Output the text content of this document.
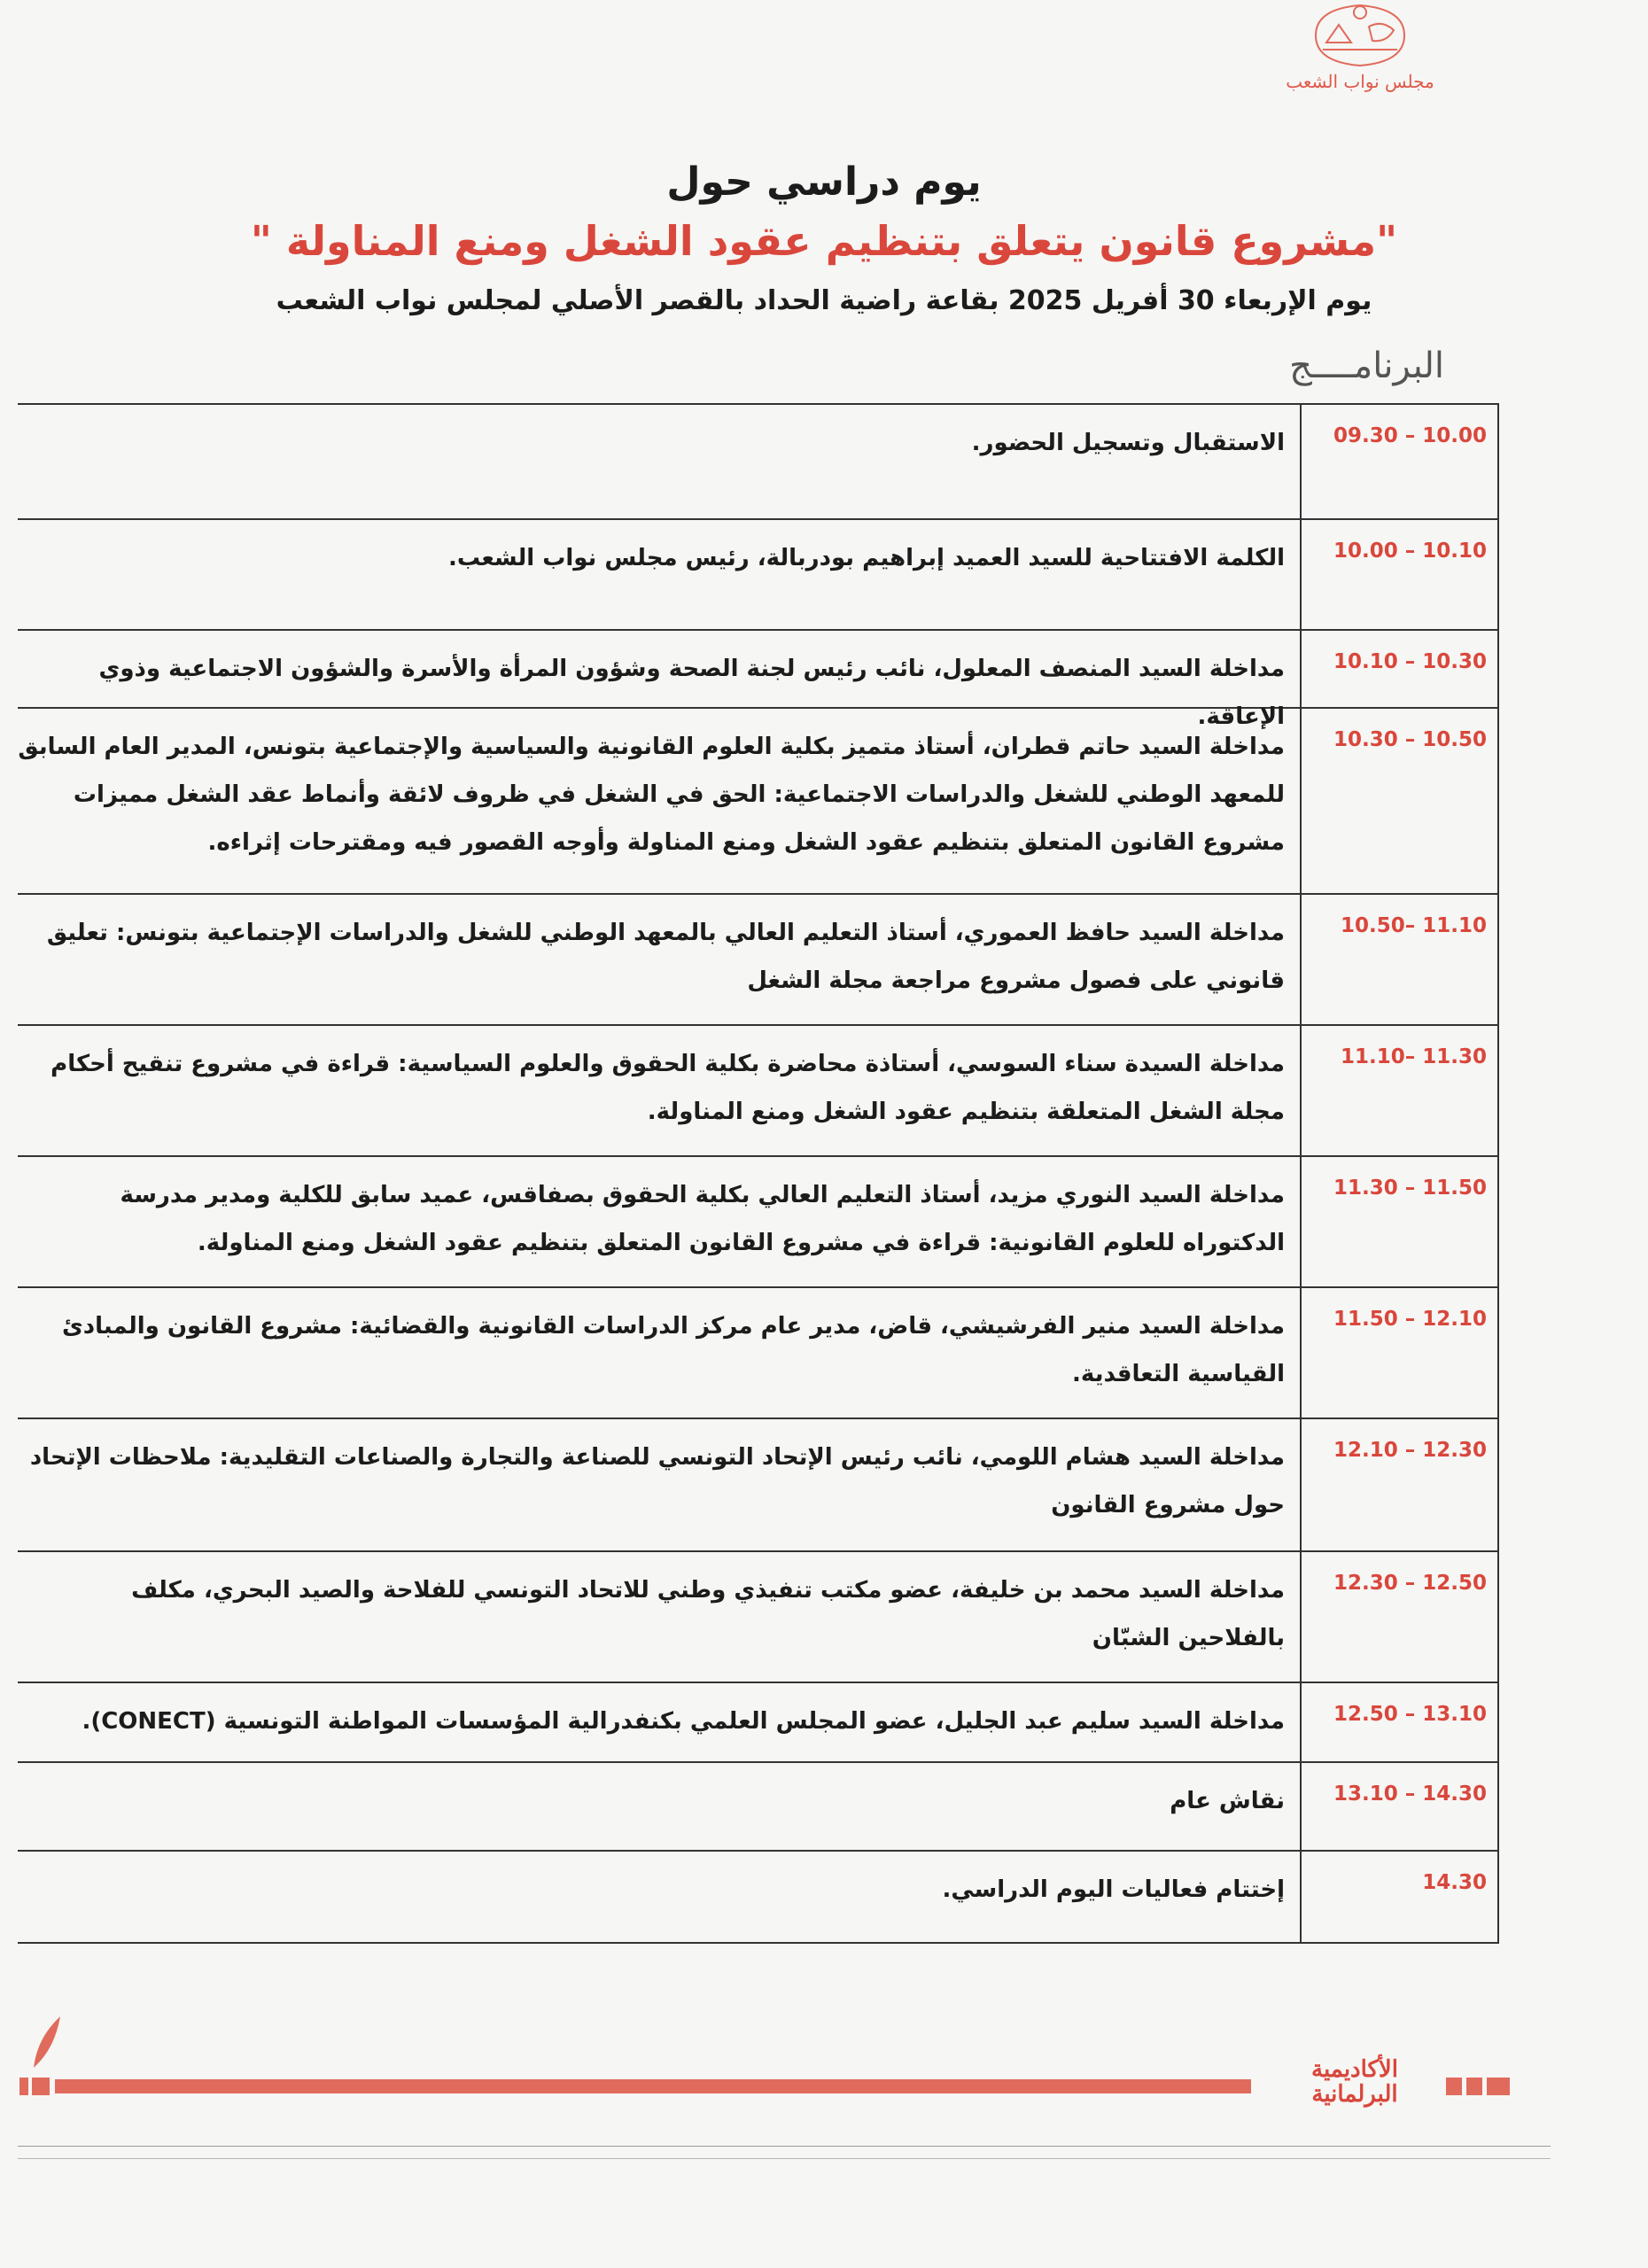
مجلس نواب الشعب
يوم دراسي حول
"مشروع قانون يتعلق بتنظيم عقود الشغل ومنع المناولة "
يوم الإربعاء 30 أفريل 2025 بقاعة راضية الحداد بالقصر الأصلي لمجلس نواب الشعب
البرنامــــج
09.30 – 10.00
الاستقبال وتسجيل الحضور.
10.00 – 10.10
الكلمة الافتتاحية للسيد العميد إبراهيم بودربالة، رئيس مجلس نواب الشعب.
10.10 – 10.30
مداخلة السيد المنصف المعلول، نائب رئيس لجنة الصحة وشؤون المرأة والأسرة والشؤون الاجتماعية وذوي الإعاقة.
10.30 – 10.50
مداخلة السيد حاتم قطران، أستاذ متميز بكلية العلوم القانونية والسياسية والإجتماعية بتونس، المدير العام السابق للمعهد الوطني للشغل والدراسات الاجتماعية: الحق في الشغل في ظروف لائقة وأنماط عقد الشغل مميزات مشروع القانون المتعلق بتنظيم عقود الشغل ومنع المناولة وأوجه القصور فيه ومقترحات إثراءه.
10.50– 11.10
مداخلة السيد حافظ العموري، أستاذ التعليم العالي بالمعهد الوطني للشغل والدراسات الإجتماعية بتونس: تعليق قانوني على فصول مشروع مراجعة مجلة الشغل
11.10– 11.30
مداخلة السيدة سناء السوسي، أستاذة محاضرة بكلية الحقوق والعلوم السياسية: قراءة في مشروع تنقيح أحكام مجلة الشغل المتعلقة بتنظيم عقود الشغل ومنع المناولة.
11.30 – 11.50
مداخلة السيد النوري مزيد، أستاذ التعليم العالي بكلية الحقوق بصفاقس، عميد سابق للكلية ومدير مدرسة الدكتوراه للعلوم القانونية: قراءة في مشروع القانون المتعلق بتنظيم عقود الشغل ومنع المناولة.
11.50 – 12.10
مداخلة السيد منير الفرشيشي، قاض، مدير عام مركز الدراسات القانونية والقضائية: مشروع القانون والمبادئ القياسية التعاقدية.
12.10 – 12.30
مداخلة السيد هشام اللومي، نائب رئيس الإتحاد التونسي للصناعة والتجارة والصناعات التقليدية: ملاحظات الإتحاد حول مشروع القانون
12.30 – 12.50
مداخلة السيد محمد بن خليفة، عضو مكتب تنفيذي وطني للاتحاد التونسي للفلاحة والصيد البحري، مكلف بالفلاحين الشبّان
12.50 – 13.10
مداخلة السيد سليم عبد الجليل، عضو المجلس العلمي بكنفدرالية المؤسسات المواطنة التونسية (CONECT).
13.10 – 14.30
نقاش عام
14.30
إختتام فعاليات اليوم الدراسي.
الأكاديمية البرلمانية
